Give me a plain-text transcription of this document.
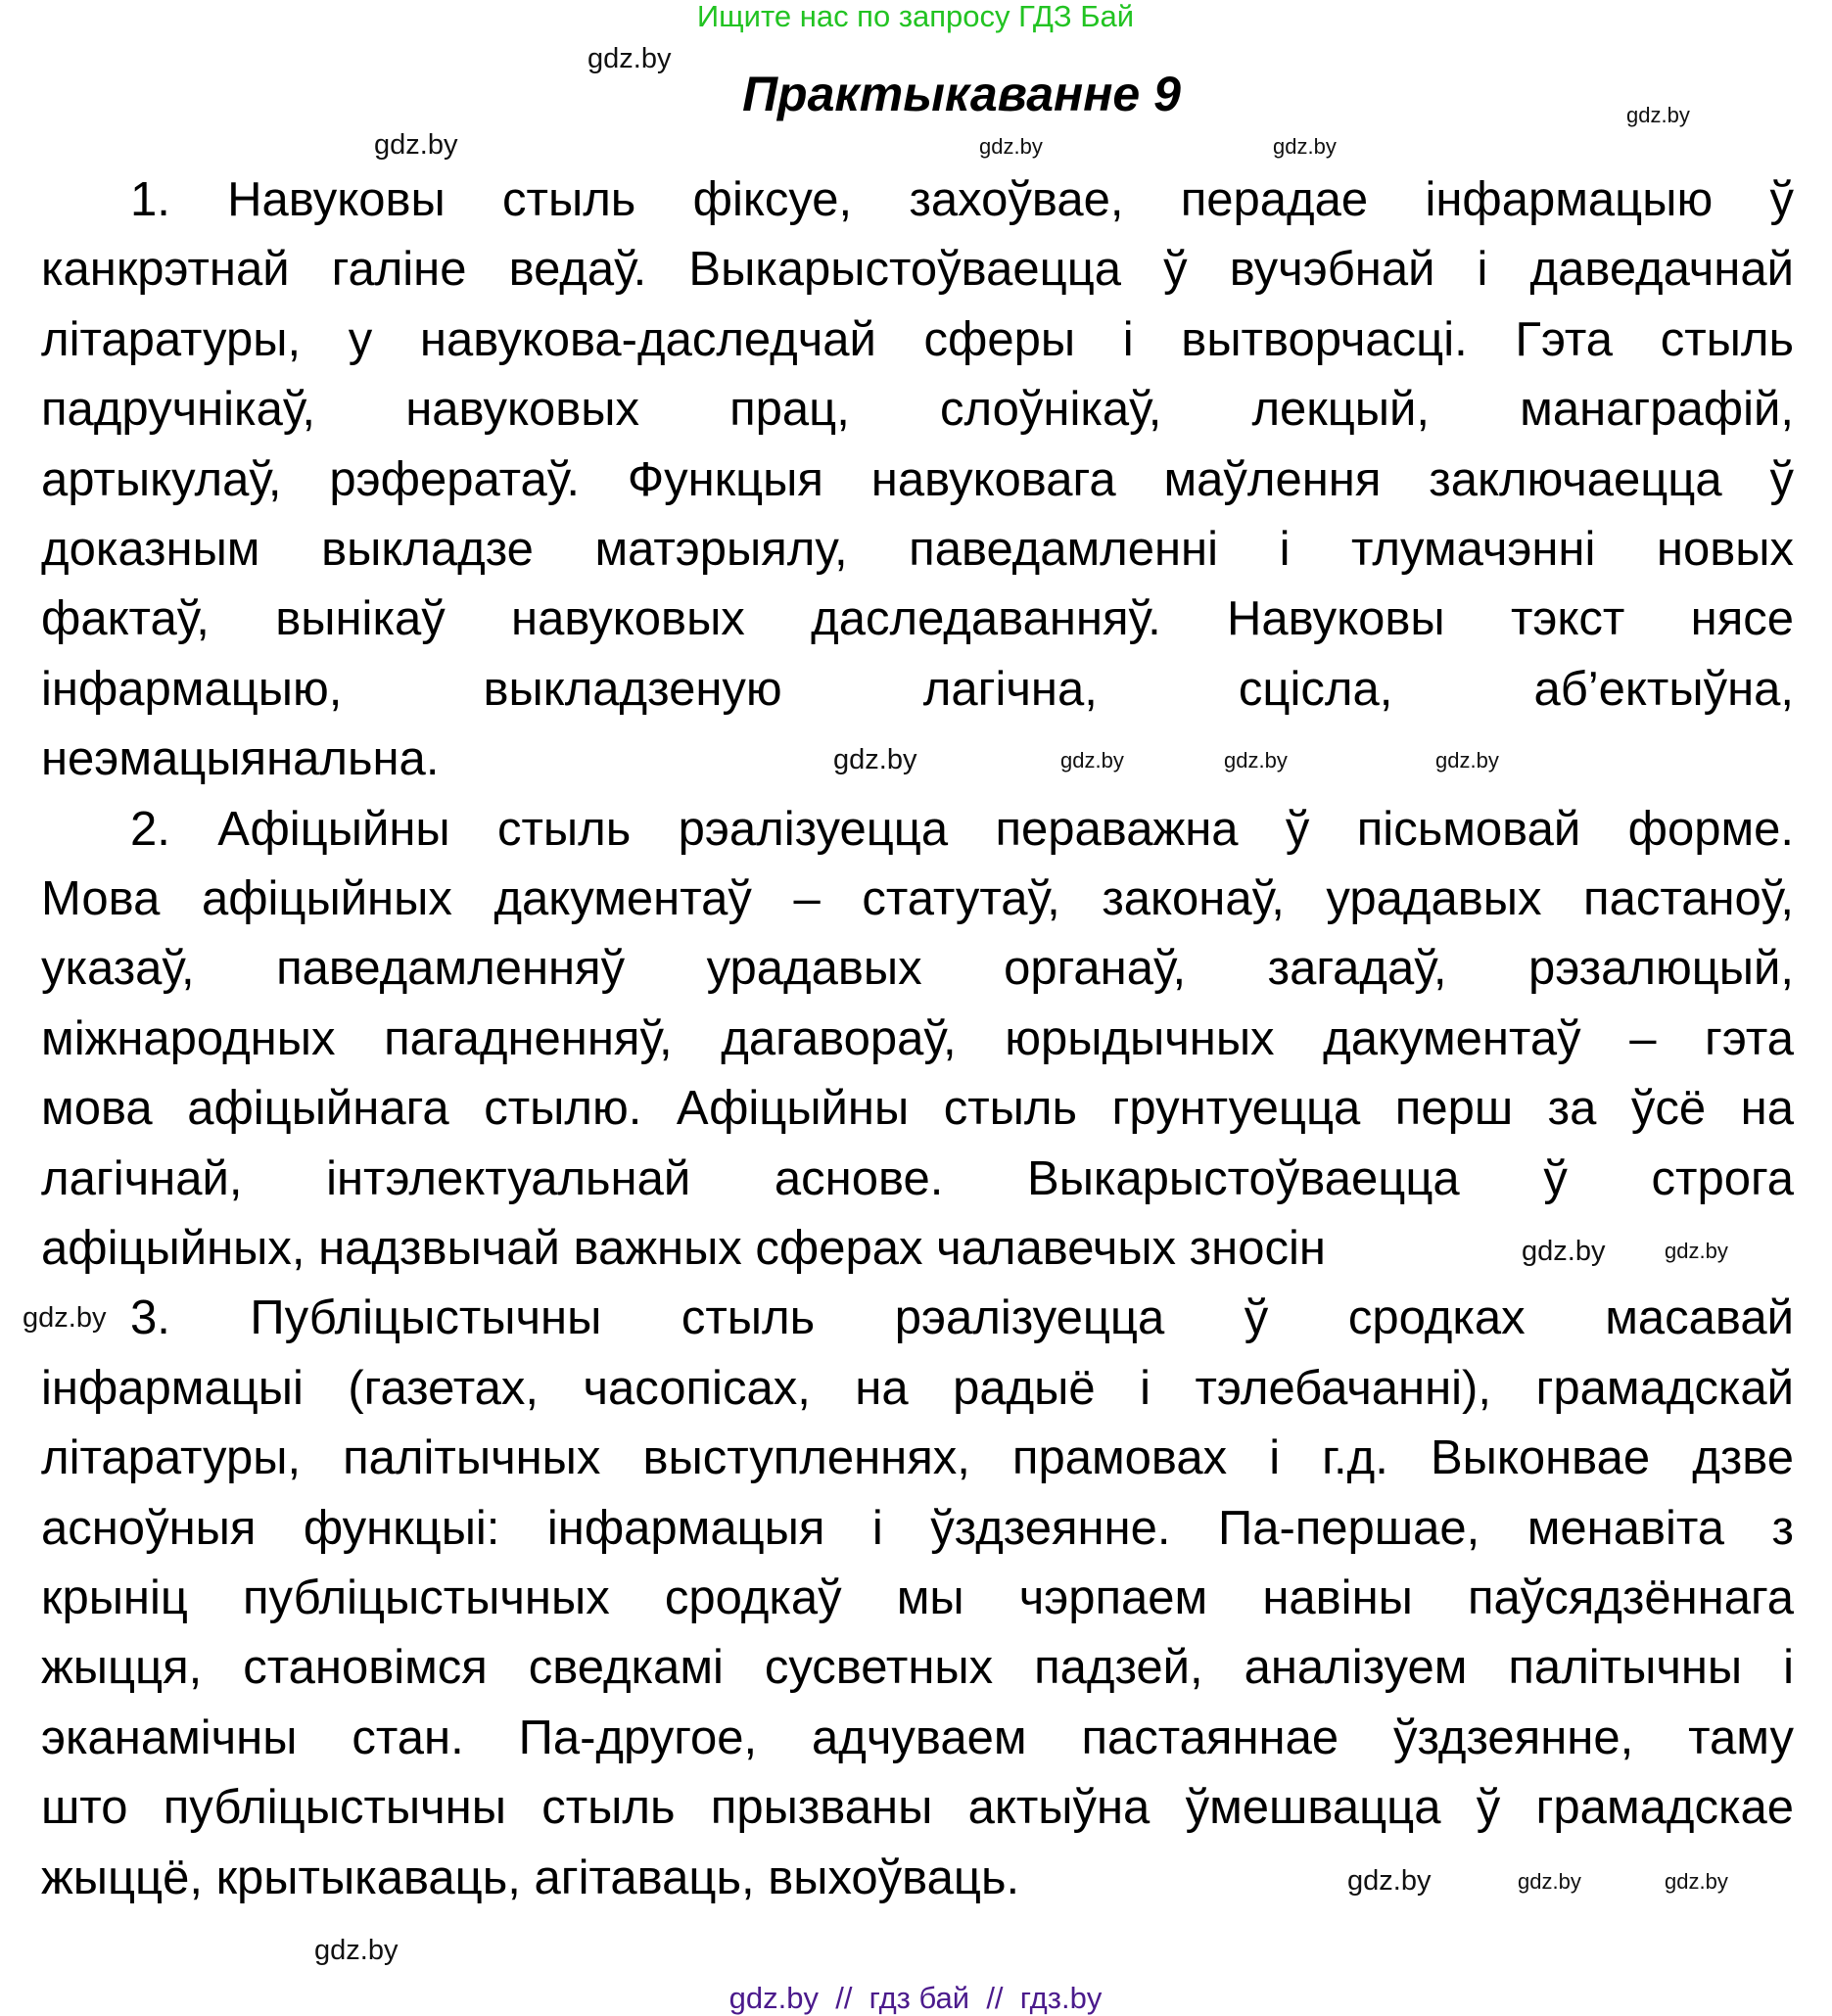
Ищите нас по запросу ГДЗ Бай
Практыкаванне 9
1. Навуковы стыль фіксуе, захоўвае, перадае інфармацыю ў
канкрэтнай галіне ведаў. Выкарыстоўваецца ў вучэбнай і даведачнай
літаратуры, у навукова-даследчай сферы і вытворчасці. Гэта стыль
падручнікаў, навуковых прац, слоўнікаў, лекцый, манаграфій,
артыкулаў, рэфератаў. Функцыя навуковага маўлення заключаецца ў
доказным выкладзе матэрыялу, паведамленні і тлумачэнні новых
фактаў, вынікаў навуковых даследаванняў. Навуковы тэкст нясе
інфармацыю, выкладзеную лагічна, сцісла, аб’ектыўна,
неэмацыянальна.
2. Афіцыйны стыль рэалізуецца пераважна ў пісьмовай форме.
Мова афіцыйных дакументаў – статутаў, законаў, урадавых пастаноў,
указаў, паведамленняў урадавых органаў, загадаў, рэзалюцый,
міжнародных пагадненняў, дагавораў, юрыдычных дакументаў – гэта
мова афіцыйнага стылю. Афіцыйны стыль грунтуецца перш за ўсё на
лагічнай, інтэлектуальнай аснове. Выкарыстоўваецца ў строга
афіцыйных, надзвычай важных сферах чалавечых зносін
3. Публіцыстычны стыль рэалізуецца ў сродках масавай
інфармацыі (газетах, часопісах, на радыё і тэлебачанні), грамадскай
літаратуры, палітычных выступленнях, прамовах і г.д. Выконвае дзве
асноўныя функцыі: інфармацыя і ўздзеянне. Па-першае, менавіта з
крыніц публіцыстычных сродкаў мы чэрпаем навіны паўсядзённага
жыцця, становімся сведкамі сусветных падзей, аналізуем палітычны і
эканамічны стан. Па-другое, адчуваем пастаяннае ўздзеянне, таму
што публіцыстычны стыль прызваны актыўна ўмешвацца ў грамадскае
жыццё, крытыкаваць, агітаваць, выхоўваць.
gdz.by
gdz.by
gdz.by	gdz.by	gdz.by
gdz.by
gdz.by	gdz.by
gdz.by
gdz.by	gdz.by
gdz.by
gdz.by	gdz.by
gdz.by
gdz.by
gdz.by  //  гдз бай  //  гдз.by
